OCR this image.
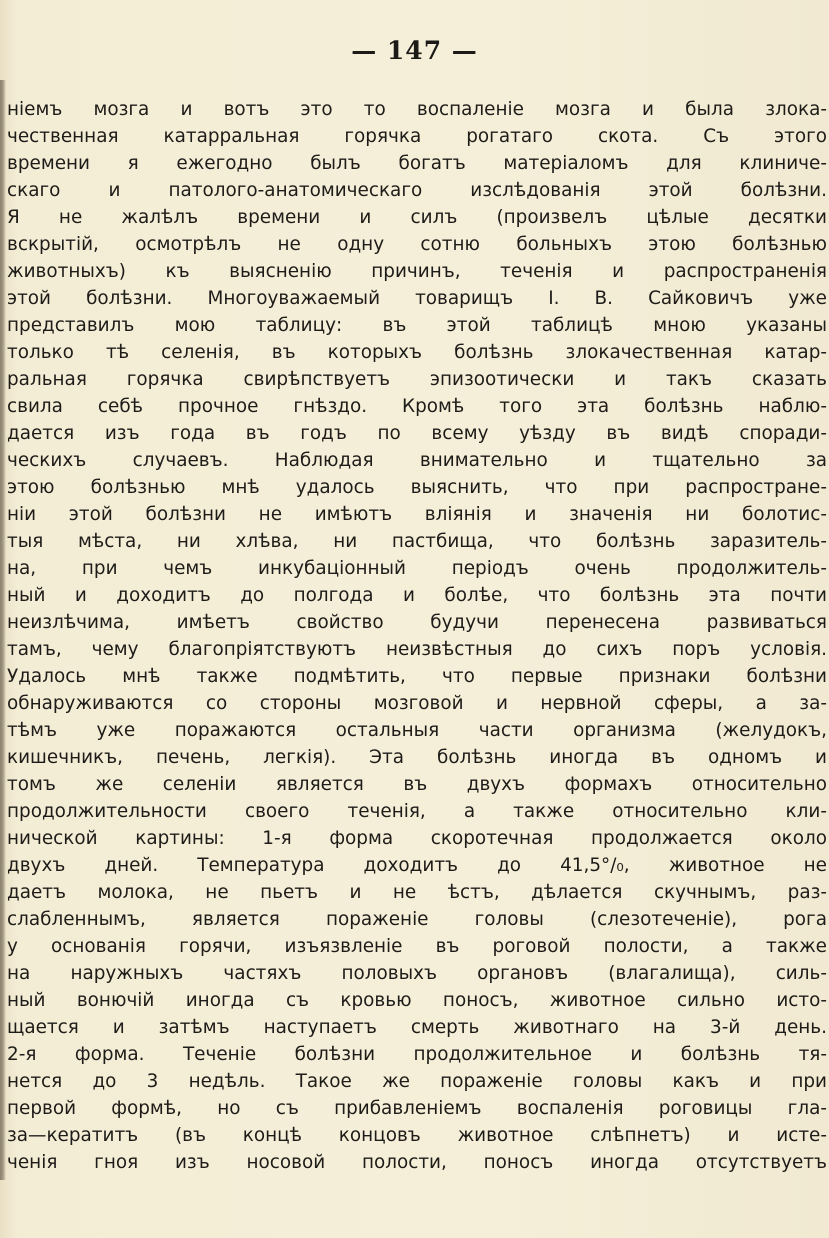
— 147 —
нiемъ мозга и вотъ это то воспаленiе мозга и была злока-
чественная катарральная горячка рогатаго скота. Съ этого
времени я ежегодно былъ богатъ матерiаломъ для клиниче-
скаго и патолого-анатомическаго изслѣдованiя этой болѣзни.
Я не жалѣлъ времени и силъ (произвелъ цѣлые десятки
вскрытiй, осмотрѣлъ не одну сотню больныхъ этою болѣзнью
животныхъ) къ выясненiю причинъ, теченiя и распространенiя
этой болѣзни. Многоуважаемый товарищъ I. В. Сайковичъ уже
представилъ мою таблицу: въ этой таблицѣ мною указаны
только тѣ селенiя, въ которыхъ болѣзнь злокачественная катар-
ральная горячка свирѣпствуетъ эпизоотически и такъ сказать
свила себѣ прочное гнѣздо. Кромѣ того эта болѣзнь наблю-
дается изъ года въ годъ по всему уѣзду въ видѣ споради-
ческихъ случаевъ. Наблюдая внимательно и тщательно за
этою болѣзнью мнѣ удалось выяснить, что при распростране-
нiи этой болѣзни не имѣютъ влiянiя и значенiя ни болотис-
тыя мѣста, ни хлѣва, ни пастбища, что болѣзнь заразитель-
на, при чемъ инкубацiонный перiодъ очень продолжитель-
ный и доходитъ до полгода и болѣе, что болѣзнь эта почти
неизлѣчима, имѣетъ свойство будучи перенесена развиваться
тамъ, чему благопрiятствуютъ неизвѣстныя до сихъ поръ условiя.
Удалось мнѣ также подмѣтить, что первые признаки болѣзни
обнаруживаются со стороны мозговой и нервной сферы, а за-
тѣмъ уже поражаются остальныя части организма (желудокъ,
кишечникъ, печень, легкiя). Эта болѣзнь иногда въ одномъ и
томъ же селенiи является въ двухъ формахъ относительно
продолжительности своего теченiя, а также относительно кли-
нической картины: 1-я форма скоротечная продолжается около
двухъ дней. Температура доходитъ до 41,5°/₀, животное не
даетъ молока, не пьетъ и не ѣстъ, дѣлается скучнымъ, раз-
слабленнымъ, является пораженiе головы (слезотеченiе), рога
у основанiя горячи, изъязвленiе въ роговой полости, а также
на наружныхъ частяхъ половыхъ органовъ (влагалища), силь-
ный вонючiй иногда съ кровью поносъ, животное сильно исто-
щается и затѣмъ наступаетъ смерть животнаго на 3-й день.
2-я форма. Теченiе болѣзни продолжительное и болѣзнь тя-
нется до 3 недѣль. Такое же пораженiе головы какъ и при
первой формѣ, но съ прибавленiемъ воспаленiя роговицы гла-
за—кератитъ (въ концѣ концовъ животное слѣпнетъ) и исте-
ченiя гноя изъ носовой полости, поносъ иногда отсутствуетъ
